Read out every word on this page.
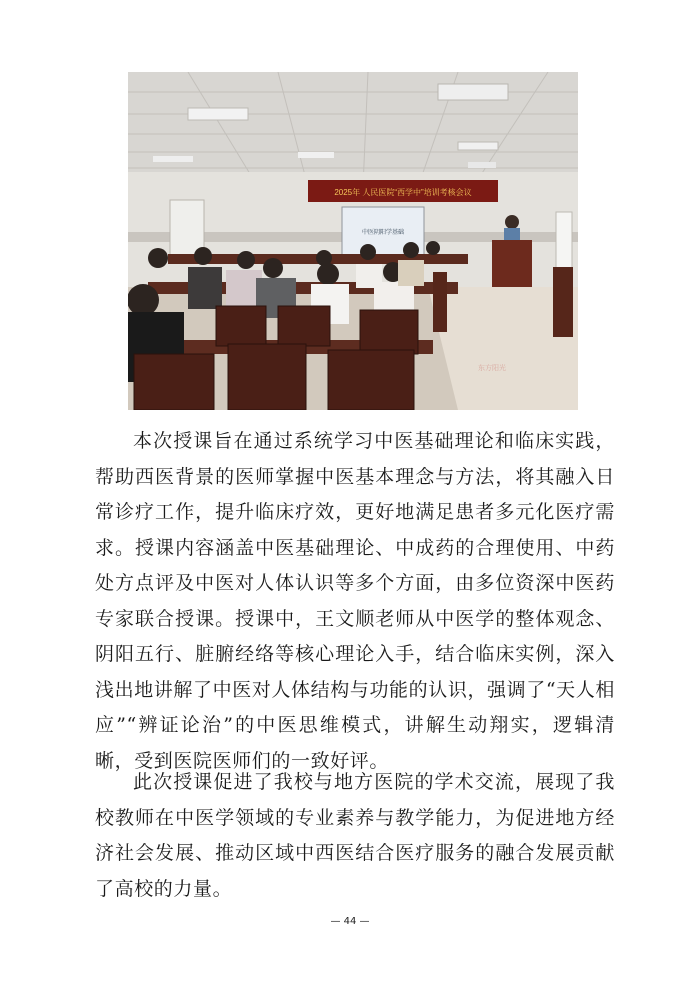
2025年 人民医院“西学中”培训考核会议
中医阴阳学基础
东方阳光

本次授课旨在通过系统学习中医基础理论和临床实践，帮助西医背景的医师掌握中医基本理念与方法，将其融入日常诊疗工作，提升临床疗效，更好地满足患者多元化医疗需求。授课内容涵盖中医基础理论、中成药的合理使用、中药处方点评及中医对人体认识等多个方面，由多位资深中医药专家联合授课。授课中，王文顺老师从中医学的整体观念、阴阳五行、脏腑经络等核心理论入手，结合临床实例，深入浅出地讲解了中医对人体结构与功能的认识，强调了“天人相应”“辨证论治”的中医思维模式，讲解生动翔实，逻辑清晰，受到医院医师们的一致好评。

此次授课促进了我校与地方医院的学术交流，展现了我校教师在中医学领域的专业素养与教学能力，为促进地方经济社会发展、推动区域中西医结合医疗服务的融合发展贡献了高校的力量。

— 44 —
